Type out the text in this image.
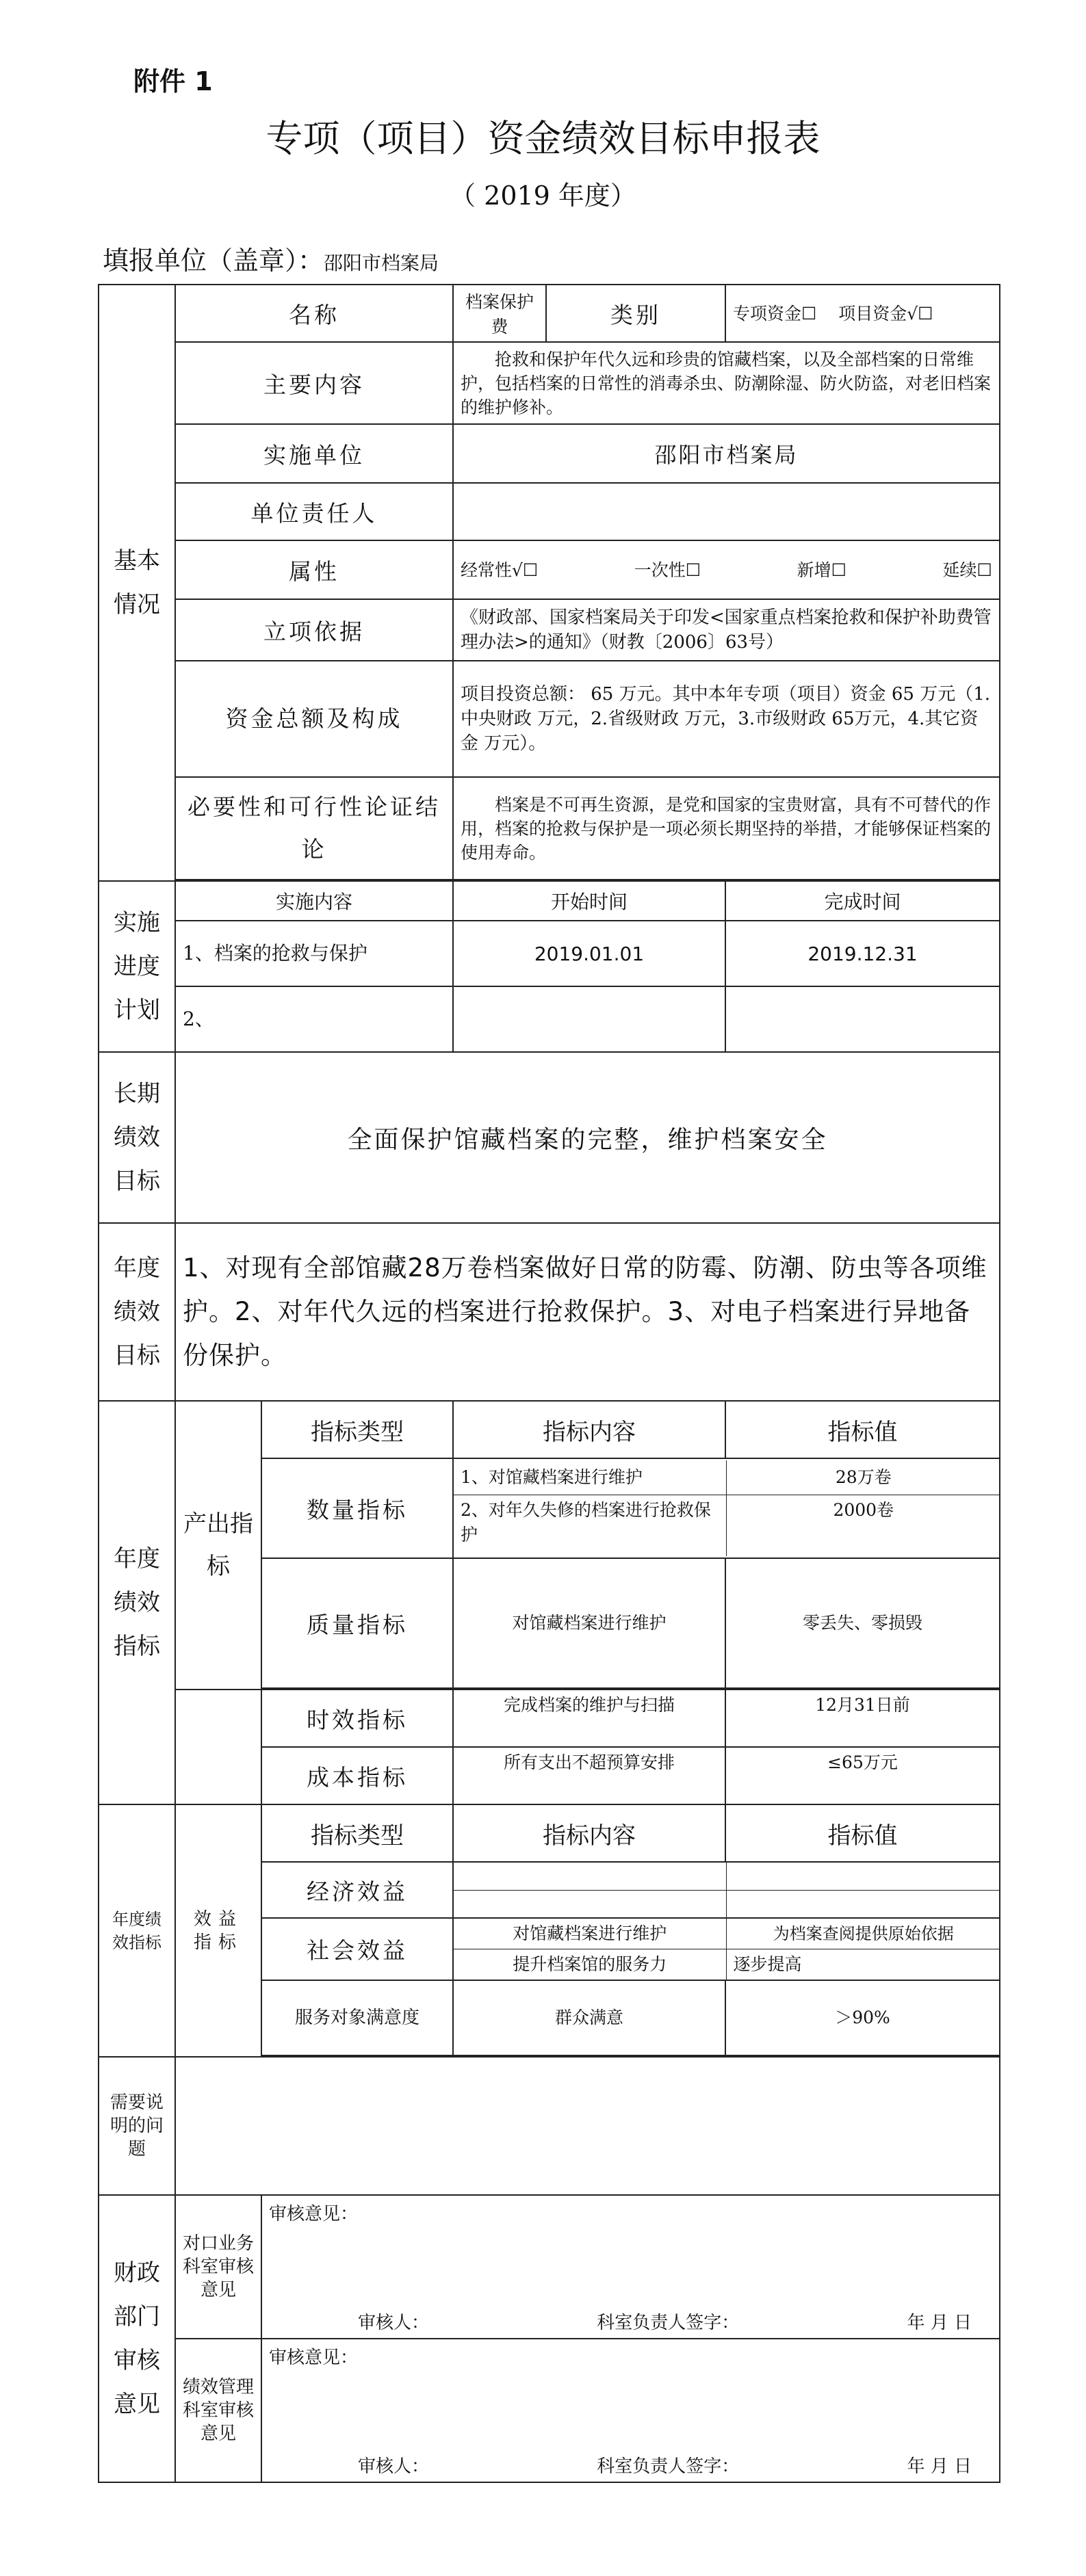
附件 1
专项（项目）资金绩效目标申报表
（ 2019 年度）
填报单位（盖章）：邵阳市档案局
基本情况	名称	档案保护费	类别	专项资金☐ 项目资金√☐
主要内容	抢救和保护年代久远和珍贵的馆藏档案，以及全部档案的日常维护，包括档案的日常性的消毒杀虫、防潮除湿、防火防盗，对老旧档案的维护修补。
实施单位	邵阳市档案局
单位责任人	
属性	经常性√☐	一次性☐	新增☐	延续☐

立项依据	《财政部、国家档案局关于印发<国家重点档案抢救和保护补助费管理办法>的通知》（财教〔2006〕63号）
资金总额及构成	项目投资总额： 65 万元。其中本年专项（项目）资金 65 万元（1.中央财政 万元，2.省级财政 万元，3.市级财政 65万元，4.其它资金 万元）。
必要性和可行性论证结论	档案是不可再生资源，是党和国家的宝贵财富，具有不可替代的作用，档案的抢救与保护是一项必须长期坚持的举措，才能够保证档案的使用寿命。

实施进度计划	实施内容	开始时间	完成时间
1、档案的抢救与保护	2019.01.01	2019.12.31
2、		
长期绩效目标	全面保护馆藏档案的完整，维护档案安全
年度绩效目标	1、对现有全部馆藏28万卷档案做好日常的防霉、防潮、防虫等各项维护。2、对年代久远的档案进行抢救保护。3、对电子档案进行异地备份保护。
年度绩效指标	产出指标	指标类型	指标内容	指标值
数量指标	
1、对馆藏档案进行维护	28万卷
2、对年久失修的档案进行抢救保护	2000卷

质量指标	对馆藏档案进行维护	零丢失、零损毁

	时效指标	完成档案的维护与扫描	12月31日前
成本指标	所有支出不超预算安排	≤65万元
年度绩效指标	效益指标	指标类型	指标内容	指标值
经济效益	

社会效益	
对馆藏档案进行维护	为档案查阅提供原始依据
提升档案馆的服务力	逐步提高

服务对象满意度	群众满意	＞90%

需要说明的问题	
财政部门审核意见	对口业务科室审核意见	
审核意见：
审核人：	科室负责人签字：	年 月 日

绩效管理科室审核意见	
审核意见：
审核人：	科室负责人签字：	年 月 日
